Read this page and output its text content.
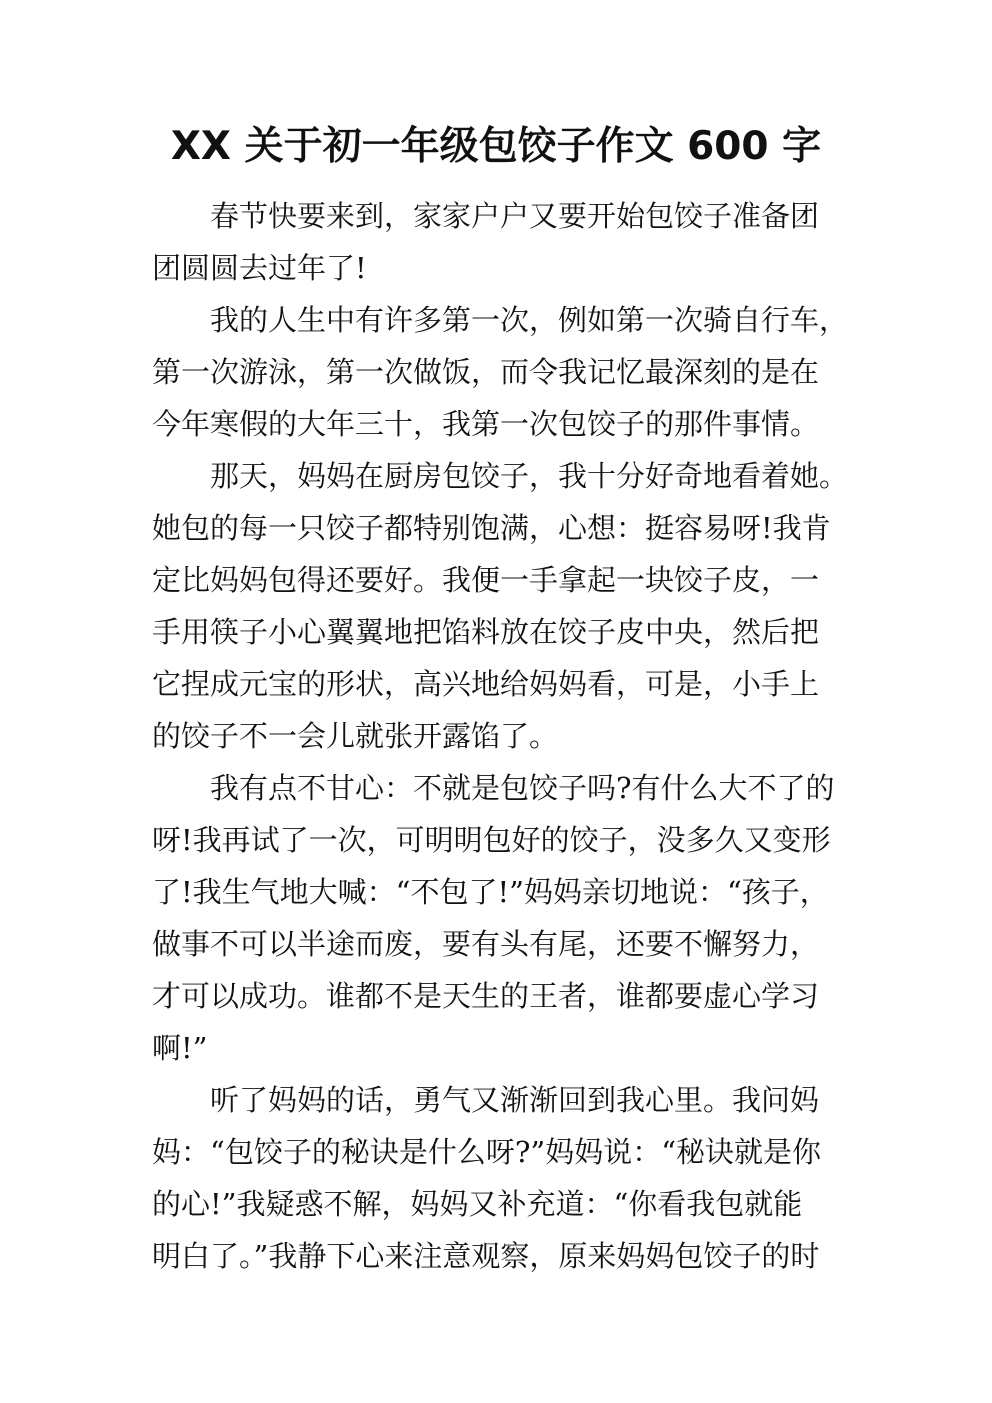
XX 关于初一年级包饺子作文 600 字
春节快要来到，家家户户又要开始包饺子准备团
团圆圆去过年了!
我的人生中有许多第一次，例如第一次骑自行车，
第一次游泳，第一次做饭，而令我记忆最深刻的是在
今年寒假的大年三十，我第一次包饺子的那件事情。
那天，妈妈在厨房包饺子，我十分好奇地看着她。
她包的每一只饺子都特别饱满，心想：挺容易呀!我肯
定比妈妈包得还要好。我便一手拿起一块饺子皮，一
手用筷子小心翼翼地把馅料放在饺子皮中央，然后把
它捏成元宝的形状，高兴地给妈妈看，可是，小手上
的饺子不一会儿就张开露馅了。
我有点不甘心：不就是包饺子吗?有什么大不了的
呀!我再试了一次，可明明包好的饺子，没多久又变形
了!我生气地大喊：“不包了!”妈妈亲切地说：“孩子，
做事不可以半途而废，要有头有尾，还要不懈努力，
才可以成功。谁都不是天生的王者，谁都要虚心学习
啊!”
听了妈妈的话，勇气又渐渐回到我心里。我问妈
妈：“包饺子的秘诀是什么呀?”妈妈说：“秘诀就是你
的心!”我疑惑不解，妈妈又补充道：“你看我包就能
明白了。”我静下心来注意观察，原来妈妈包饺子的时
